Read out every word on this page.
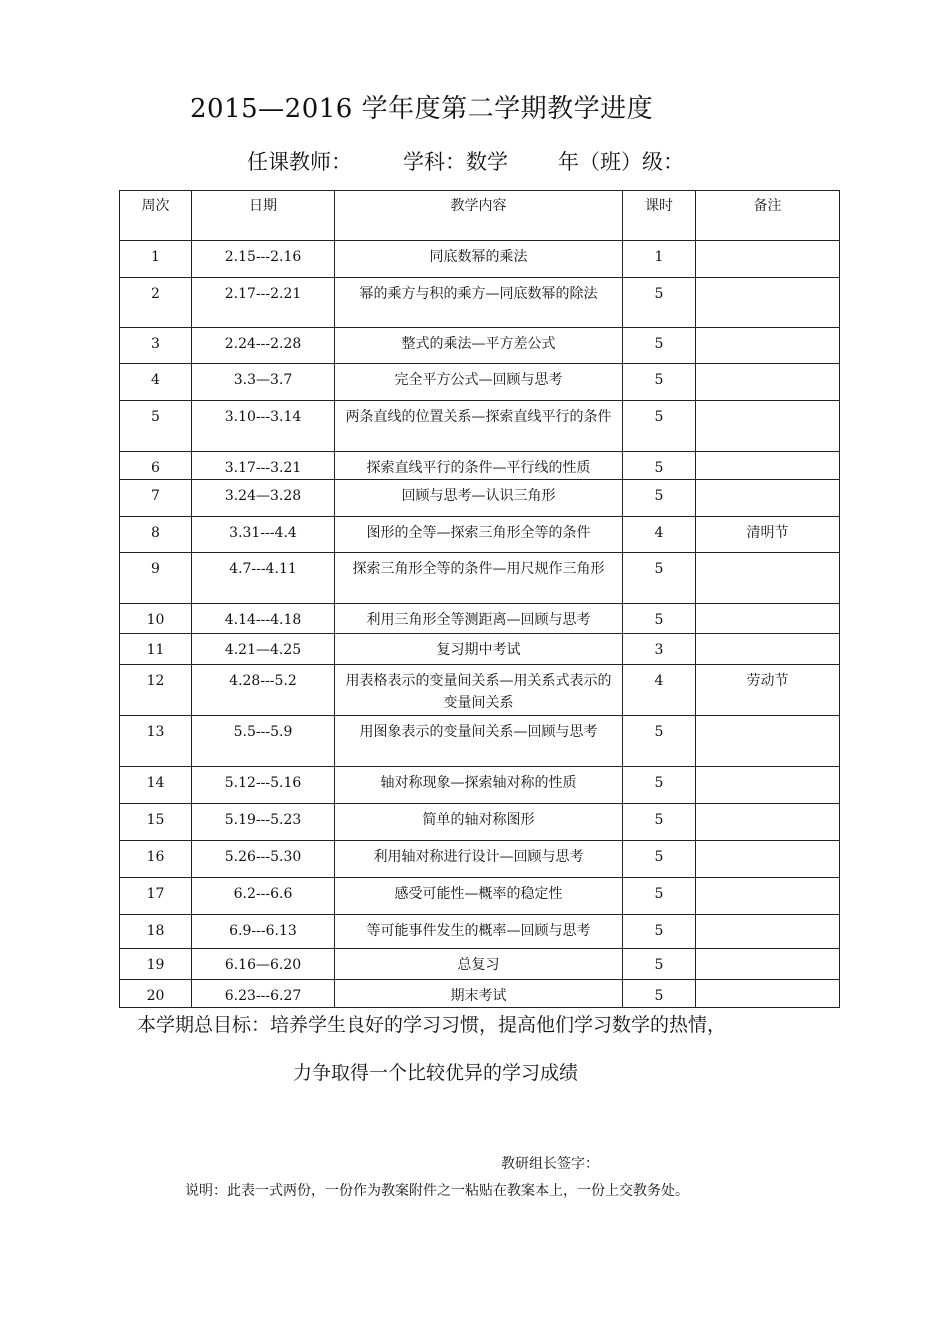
2015—2016 学年度第二学期教学进度
任课教师： 学科：数学 年（班）级：
周次	日期	教学内容	课时	备注
1	2.15---2.16	同底数幂的乘法	1	
2	2.17---2.21	幂的乘方与积的乘方—同底数幂的除法	5	
3	2.24---2.28	整式的乘法—平方差公式	5	
4	3.3—3.7	完全平方公式—回顾与思考	5	
5	3.10---3.14	两条直线的位置关系—探索直线平行的条件	5	
6	3.17---3.21	探索直线平行的条件—平行线的性质	5	
7	3.24—3.28	回顾与思考—认识三角形	5	
8	3.31---4.4	图形的全等—探索三角形全等的条件	4	清明节
9	4.7---4.11	探索三角形全等的条件—用尺规作三角形	5	
10	4.14---4.18	利用三角形全等测距离—回顾与思考	5	
11	4.21—4.25	复习期中考试	3	
12	4.28---5.2	用表格表示的变量间关系—用关系式表示的变量间关系	4	劳动节
13	5.5---5.9	用图象表示的变量间关系—回顾与思考	5	
14	5.12---5.16	轴对称现象—探索轴对称的性质	5	
15	5.19---5.23	简单的轴对称图形	5	
16	5.26---5.30	利用轴对称进行设计—回顾与思考	5	
17	6.2---6.6	感受可能性—概率的稳定性	5	
18	6.9---6.13	等可能事件发生的概率—回顾与思考	5	
19	6.16—6.20	总复习	5	
20	6.23---6.27	期末考试	5	
本学期总目标：培养学生良好的学习习惯，提高他们学习数学的热情，
力争取得一个比较优异的学习成绩
教研组长签字：
说明：此表一式两份，一份作为教案附件之一粘贴在教案本上，一份上交教务处。
